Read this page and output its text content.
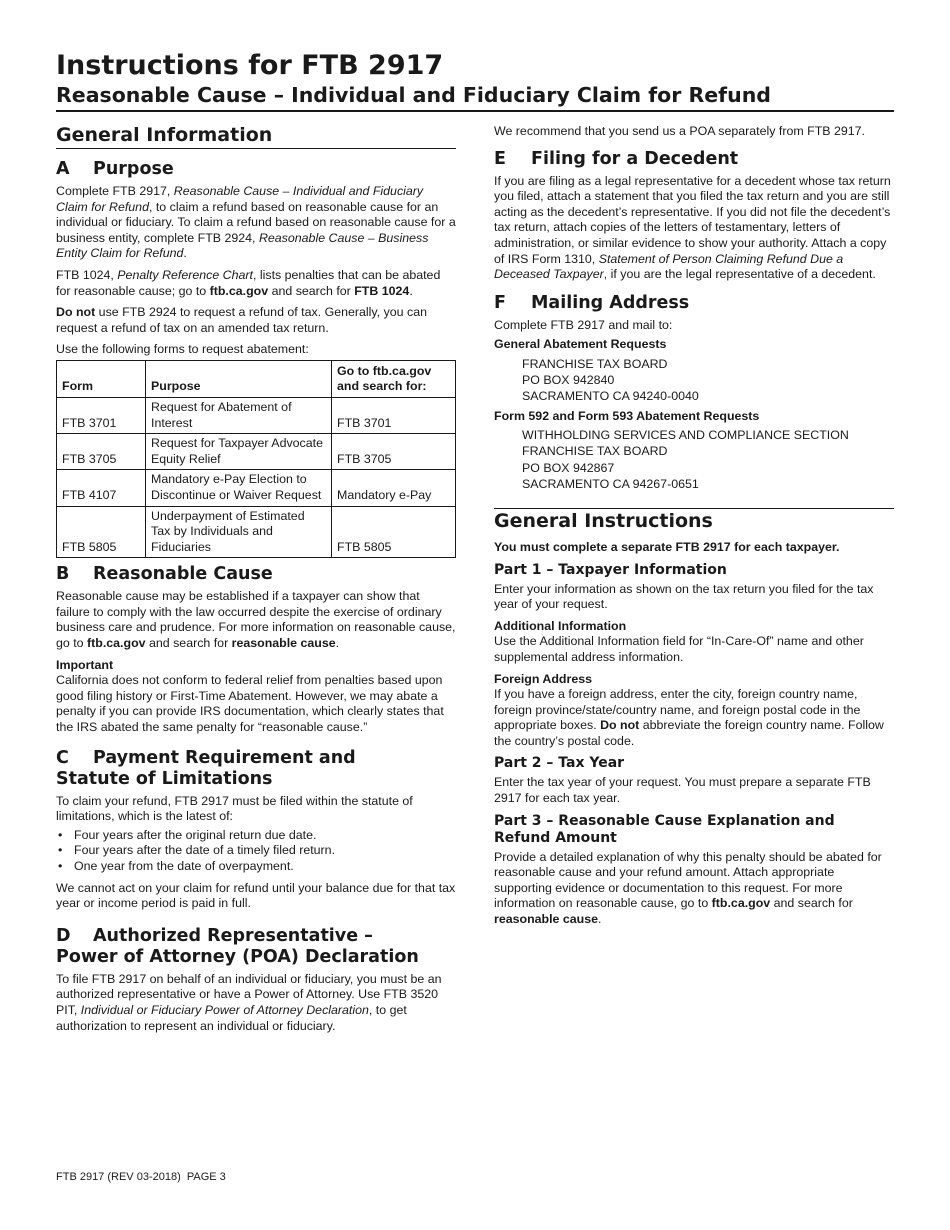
Instructions for FTB 2917
Reasonable Cause – Individual and Fiduciary Claim for Refund
General Information
A Purpose

Complete FTB 2917, Reasonable Cause – Individual and Fiduciary Claim for Refund, to claim a refund based on reasonable cause for an individual or fiduciary. To claim a refund based on reasonable cause for a business entity, complete FTB 2924, Reasonable Cause – Business Entity Claim for Refund.

FTB 1024, Penalty Reference Chart, lists penalties that can be abated for reasonable cause; go to ftb.ca.gov and search for FTB 1024.

Do not use FTB 2924 to request a refund of tax. Generally, you can request a refund of tax on an amended tax return.

Use the following forms to request abatement:

Form	Purpose	Go to ftb.ca.gov and search for:
FTB 3701	Request for Abatement of Interest	FTB 3701
FTB 3705	Request for Taxpayer Advocate Equity Relief	FTB 3705
FTB 4107	Mandatory e-Pay Election to Discontinue or Waiver Request	Mandatory e-Pay
FTB 5805	Underpayment of Estimated Tax by Individuals and Fiduciaries	FTB 5805
B Reasonable Cause

Reasonable cause may be established if a taxpayer can show that failure to comply with the law occurred despite the exercise of ordinary business care and prudence. For more information on reasonable cause, go to ftb.ca.gov and search for reasonable cause.

Important

California does not conform to federal relief from penalties based upon good filing history or First-Time Abatement. However, we may abate a penalty if you can provide IRS documentation, which clearly states that the IRS abated the same penalty for “reasonable cause.”

C Payment Requirement and
Statute of Limitations

To claim your refund, FTB 2917 must be filed within the statute of limitations, which is the latest of:

• Four years after the original return due date.
• Four years after the date of a timely filed return.
• One year from the date of overpayment.

We cannot act on your claim for refund until your balance due for that tax year or income period is paid in full.

D Authorized Representative –
Power of Attorney (POA) Declaration

To file FTB 2917 on behalf of an individual or fiduciary, you must be an authorized representative or have a Power of Attorney. Use FTB 3520 PIT, Individual or Fiduciary Power of Attorney Declaration, to get authorization to represent an individual or fiduciary.

We recommend that you send us a POA separately from FTB 2917.

E Filing for a Decedent

If you are filing as a legal representative for a decedent whose tax return you filed, attach a statement that you filed the tax return and you are still acting as the decedent’s representative. If you did not file the decedent’s tax return, attach copies of the letters of testamentary, letters of administration, or similar evidence to show your authority. Attach a copy of IRS Form 1310, Statement of Person Claiming Refund Due a Deceased Taxpayer, if you are the legal representative of a decedent.

F Mailing Address

Complete FTB 2917 and mail to:

General Abatement Requests
FRANCHISE TAX BOARD
PO BOX 942840
SACRAMENTO CA 94240-0040
Form 592 and Form 593 Abatement Requests
WITHHOLDING SERVICES AND COMPLIANCE SECTION
FRANCHISE TAX BOARD
PO BOX 942867
SACRAMENTO CA 94267-0651
General Instructions

You must complete a separate FTB 2917 for each taxpayer.

Part 1 – Taxpayer Information

Enter your information as shown on the tax return you filed for the tax year of your request.

Additional Information

Use the Additional Information field for “In-Care-Of” name and other supplemental address information.

Foreign Address

If you have a foreign address, enter the city, foreign country name, foreign province/state/country name, and foreign postal code in the appropriate boxes. Do not abbreviate the foreign country name. Follow the country’s postal code.

Part 2 – Tax Year

Enter the tax year of your request. You must prepare a separate FTB 2917 for each tax year.

Part 3 – Reasonable Cause Explanation and
Refund Amount

Provide a detailed explanation of why this penalty should be abated for reasonable cause and your refund amount. Attach appropriate supporting evidence or documentation to this request. For more information on reasonable cause, go to ftb.ca.gov and search for reasonable cause.

FTB 2917 (REV 03-2018)  PAGE 3
